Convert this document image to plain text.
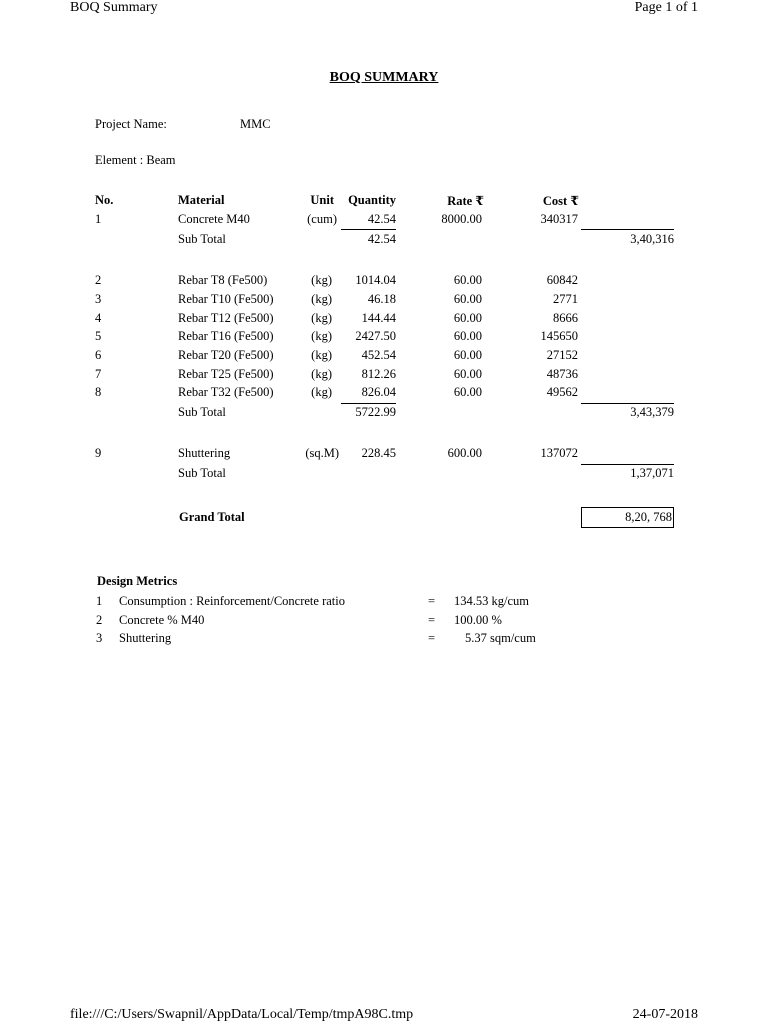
BOQ Summary	Page 1 of 1
BOQ SUMMARY
Project Name:	MMC
Element : Beam
No.	Material	Unit Quantity	Rate ₹	Cost ₹
1	Concrete M40	(cum) 42.54	8000.00	340317
Sub Total	42.54	3,40,316
2	Rebar T8 (Fe500)	(kg) 1014.04	60.00	60842
3	Rebar T10 (Fe500)	(kg)	46.18	60.00	2771
4	Rebar T12 (Fe500)	(kg) 144.44	60.00	8666
5	Rebar T16 (Fe500)	(kg) 2427.50	60.00	145650
6	Rebar T20 (Fe500)	(kg) 452.54	60.00	27152
7	Rebar T25 (Fe500)	(kg) 812.26	60.00	48736
8	Rebar T32 (Fe500)	(kg) 826.04	60.00	49562
Sub Total	5722.99	3,43,379
9	Shuttering	(sq.M) 228.45	600.00	137072
Sub Total	1,37,071
Grand Total	8,20, 768
Design Metrics
1 Consumption : Reinforcement/Concrete ratio	= 134.53 kg/cum
2 Concrete % M40	= 100.00 %
3 Shuttering	= 5.37 sqm/cum
file:///C:/Users/Swapnil/AppData/Local/Temp/tmpA98C.tmp	24-07-2018
